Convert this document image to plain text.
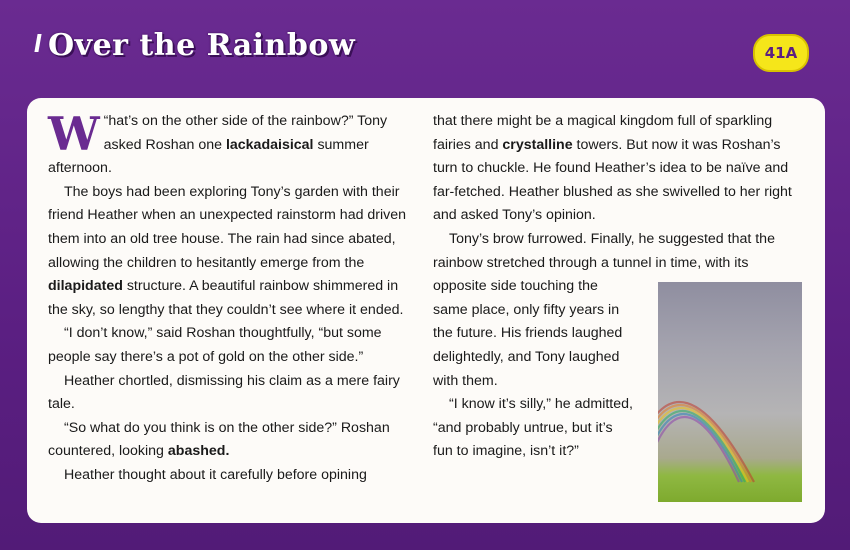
Over the Rainbow	41A

“
W hat’s on the other side of the rainbow?” Tony asked Roshan one lackadaisical summer afternoon.

The boys had been exploring Tony’s garden with their friend Heather when an unexpected rainstorm had driven them into an old tree house. The rain had since abated, allowing the children to hesitantly emerge from the dilapidated structure. A beautiful rainbow shimmered in the sky, so lengthy that they couldn’t see where it ended.

“I don’t know,” said Roshan thoughtfully, “but some people say there’s a pot of gold on the other side.”

Heather chortled, dismissing his claim as a mere fairy tale.

“So what do you think is on the other side?” Roshan countered, looking abashed.

Heather thought about it carefully before opining

that there might be a magical kingdom full of sparkling fairies and crystalline towers. But now it was Roshan’s turn to chuckle. He found Heather’s idea to be naïve and far-fetched. Heather blushed as she swivelled to her right and asked Tony’s opinion.

Tony’s brow furrowed. Finally, he suggested that the

rainbow stretched through a tunnel in time, with its

opposite side touching the

same place, only fifty years in

the future. His friends laughed

delightedly, and Tony laughed

with them.

“I know it’s silly,” he admitted,

“and probably untrue, but it’s

fun to imagine, isn’t it?”
